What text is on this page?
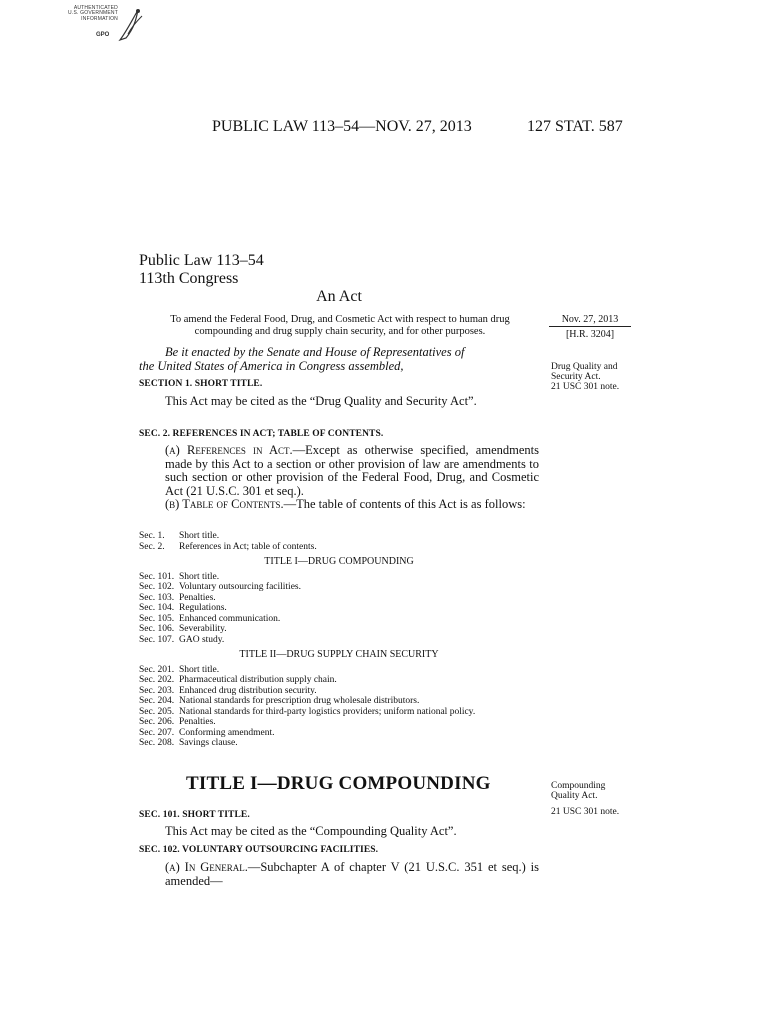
AUTHENTICATED
U.S. GOVERNMENT
INFORMATION
GPO
PUBLIC LAW 113–54—NOV. 27, 2013	127 STAT. 587
Public Law 113–54
113th Congress
An Act
To amend the Federal Food, Drug, and Cosmetic Act with respect to human drug
compounding and drug supply chain security, and for other purposes.
Nov. 27, 2013
[H.R. 3204]
Drug Quality and
Security Act.
21 USC 301 note.
Compounding
Quality Act.
21 USC 301 note.
Be it enacted by the Senate and House of Representatives of
the United States of America in Congress assembled,
SECTION 1. SHORT TITLE.
This Act may be cited as the “Drug Quality and Security Act”.
SEC. 2. REFERENCES IN ACT; TABLE OF CONTENTS.
(a) References in Act.—Except as otherwise specified, amendments made by this Act to a section or other provision of law are amendments to such section or other provision of the Federal Food, Drug, and Cosmetic Act (21 U.S.C. 301 et seq.).
(b) Table of Contents.—The table of contents of this Act is as follows:
Sec. 1.	Short title.
Sec. 2.	References in Act; table of contents.
TITLE I—DRUG COMPOUNDING
Sec. 101. Short title.
Sec. 102. Voluntary outsourcing facilities.
Sec. 103. Penalties.
Sec. 104. Regulations.
Sec. 105. Enhanced communication.
Sec. 106. Severability.
Sec. 107. GAO study.
TITLE II—DRUG SUPPLY CHAIN SECURITY
Sec. 201. Short title.
Sec. 202. Pharmaceutical distribution supply chain.
Sec. 203. Enhanced drug distribution security.
Sec. 204. National standards for prescription drug wholesale distributors.
Sec. 205. National standards for third-party logistics providers; uniform national policy.
Sec. 206. Penalties.
Sec. 207. Conforming amendment.
Sec. 208. Savings clause.
TITLE I—DRUG COMPOUNDING
SEC. 101. SHORT TITLE.
This Act may be cited as the “Compounding Quality Act”.
SEC. 102. VOLUNTARY OUTSOURCING FACILITIES.
(a) In General.—Subchapter A of chapter V (21 U.S.C. 351 et seq.) is amended—
